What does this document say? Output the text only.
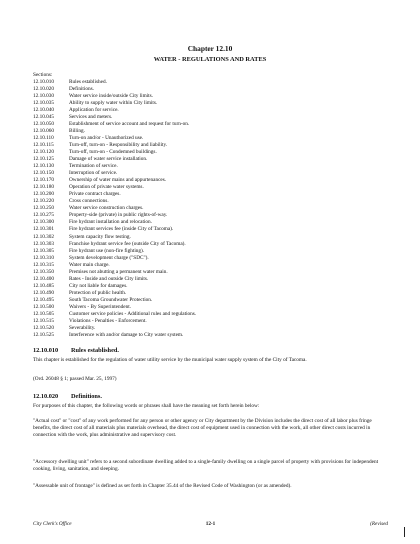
Chapter 12.10
WATER - REGULATIONS AND RATES
Sections:
12.10.010	Rules established.
12.10.020	Definitions.
12.10.030	Water service inside/outside City limits.
12.10.035	Ability to supply water within City limits.
12.10.040	Application for service.
12.10.045	Services and meters.
12.10.050	Establishment of service account and request for turn-on.
12.10.060	Billing.
12.10.110	Turn-on and/or - Unauthorized use.
12.10.115	Turn-off, turn-on - Responsibility and liability.
12.10.120	Turn-off, turn-on - Condemned buildings.
12.10.125	Damage of water service installation.
12.10.130	Termination of service.
12.10.150	Interruption of service.
12.10.170	Ownership of water mains and appurtenances.
12.10.180	Operation of private water systems.
12.10.200	Private contract charges.
12.10.220	Cross connections.
12.10.250	Water service construction charges.
12.10.275	Property-side (private) in public rights-of-way.
12.10.300	Fire hydrant installation and relocation.
12.10.301	Fire hydrant services fee (inside City of Tacoma).
12.10.302	System capacity flow testing.
12.10.303	Franchise hydrant service fee (outside City of Tacoma).
12.10.305	Fire hydrant use (non-fire fighting).
12.10.310	System development charge ("SDC").
12.10.315	Water main charge.
12.10.350	Premises not abutting a permanent water main.
12.10.400	Rates - Inside and outside City limits.
12.10.485	City not liable for damages.
12.10.490	Protection of public health.
12.10.495	South Tacoma Groundwater Protection.
12.10.500	Waivers - By Superintendent.
12.10.505	Customer service policies - Additional rules and regulations.
12.10.515	Violations - Penalties - Enforcement.
12.10.520	Severability.
12.10.525	Interference with and/or damage to City water system.
12.10.010 Rules established.
This chapter is established for the regulation of water utility service by the municipal water supply system of the City of Tacoma.
(Ord. 26048 § 1; passed Mar. 25, 1997)
12.10.020 Definitions.
For purposes of this chapter, the following words or phrases shall have the meaning set forth herein below:
"Actual cost" or "cost" of any work performed for any person or other agency or City department by the Division includes the direct cost of all labor plus fringe benefits, the direct cost of all materials plus materials overhead, the direct cost of equipment used in connection with the work, all other direct costs incurred in connection with the work, plus administrative and supervisory cost.
"Accessory dwelling unit" refers to a second subordinate dwelling added to a single-family dwelling on a single parcel of property with provisions for independent cooking, living, sanitation, and sleeping.
"Assessable unit of frontage" is defined as set forth in Chapter 35.44 of the Revised Code of Washington (or as amended).
City Clerk's Office	12-1	(Revised
